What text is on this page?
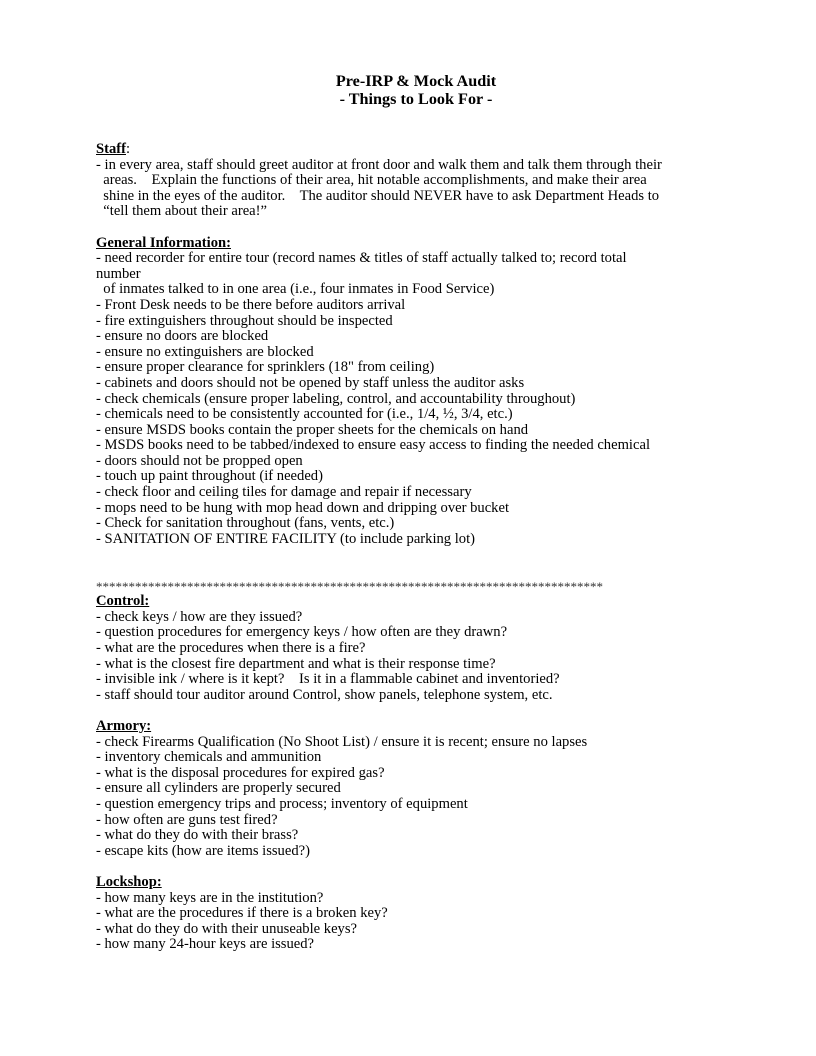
Pre-IRP & Mock Audit
- Things to Look For -
Staff:
- in every area, staff should greet auditor at front door and walk them and talk them through their
areas.    Explain the functions of their area, hit notable accomplishments, and make their area
shine in the eyes of the auditor.    The auditor should NEVER have to ask Department Heads to
“tell them about their area!”
General Information:
- need recorder for entire tour (record names & titles of staff actually talked to; record total
number
of inmates talked to in one area (i.e., four inmates in Food Service)
- Front Desk needs to be there before auditors arrival
- fire extinguishers throughout should be inspected
- ensure no doors are blocked
- ensure no extinguishers are blocked
- ensure proper clearance for sprinklers (18" from ceiling)
- cabinets and doors should not be opened by staff unless the auditor asks
- check chemicals (ensure proper labeling, control, and accountability throughout)
- chemicals need to be consistently accounted for (i.e., 1/4, ½, 3/4, etc.)
- ensure MSDS books contain the proper sheets for the chemicals on hand
- MSDS books need to be tabbed/indexed to ensure easy access to finding the needed chemical
- doors should not be propped open
- touch up paint throughout (if needed)
- check floor and ceiling tiles for damage and repair if necessary
- mops need to be hung with mop head down and dripping over bucket
- Check for sanitation throughout (fans, vents, etc.)
- SANITATION OF ENTIRE FACILITY (to include parking lot)
******************************************************************************
Control:
- check keys / how are they issued?
- question procedures for emergency keys / how often are they drawn?
- what are the procedures when there is a fire?
- what is the closest fire department and what is their response time?
- invisible ink / where is it kept?    Is it in a flammable cabinet and inventoried?
- staff should tour auditor around Control, show panels, telephone system, etc.
Armory:
- check Firearms Qualification (No Shoot List) / ensure it is recent; ensure no lapses
- inventory chemicals and ammunition
- what is the disposal procedures for expired gas?
- ensure all cylinders are properly secured
- question emergency trips and process; inventory of equipment
- how often are guns test fired?
- what do they do with their brass?
- escape kits (how are items issued?)
Lockshop:
- how many keys are in the institution?
- what are the procedures if there is a broken key?
- what do they do with their unuseable keys?
- how many 24-hour keys are issued?
